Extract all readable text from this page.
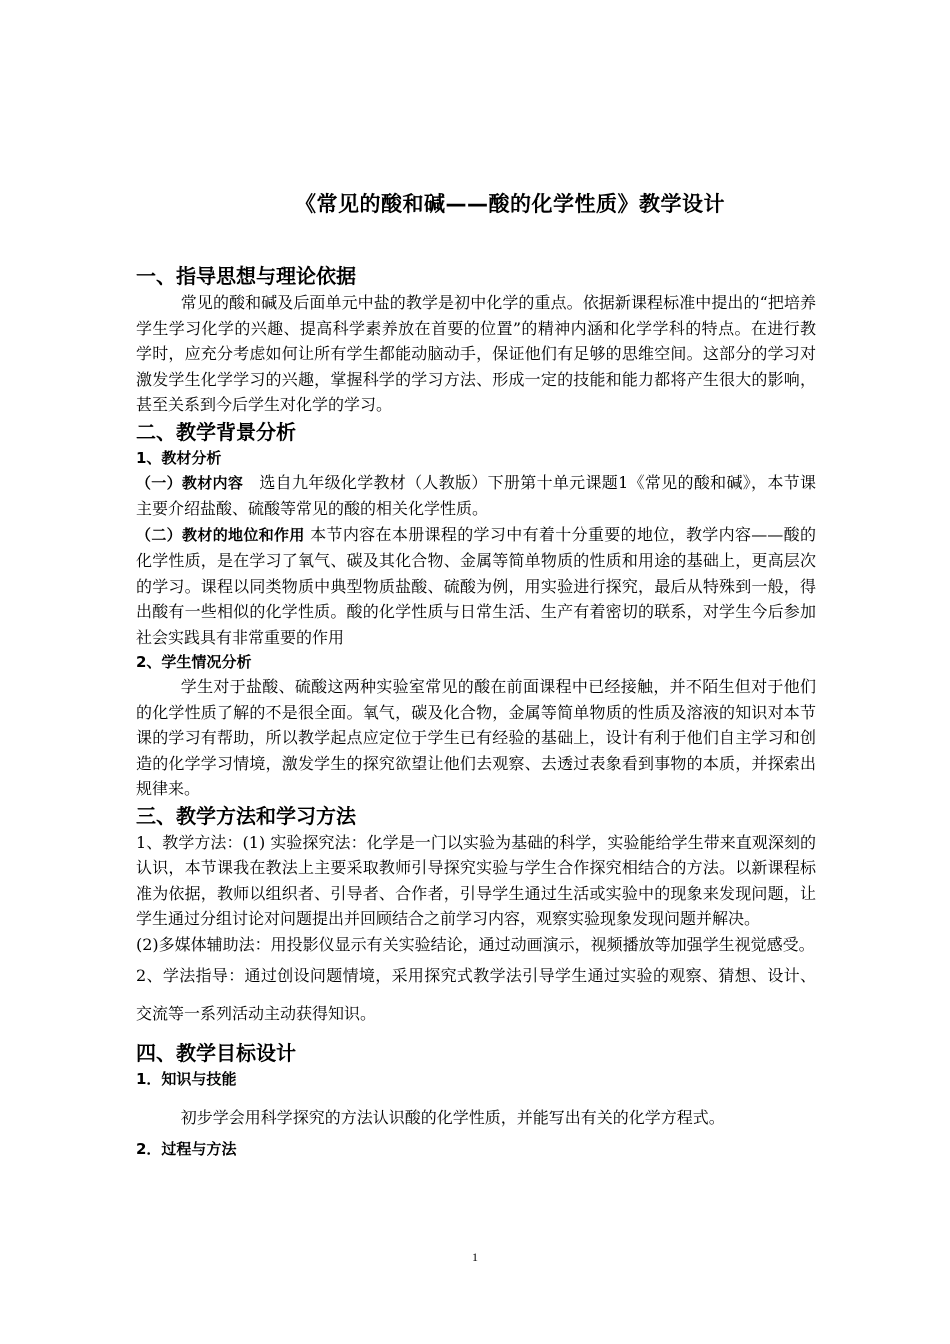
《常见的酸和碱——酸的化学性质》教学设计
一、指导思想与理论依据

常见的酸和碱及后面单元中盐的教学是初中化学的重点。依据新课程标准中提出的“把培养学生学习化学的兴趣、提高科学素养放在首要的位置”的精神内涵和化学学科的特点。在进行教学时，应充分考虑如何让所有学生都能动脑动手，保证他们有足够的思维空间。这部分的学习对激发学生化学学习的兴趣，掌握科学的学习方法、形成一定的技能和能力都将产生很大的影响，甚至关系到今后学生对化学的学习。

二、教学背景分析
1、教材分析

（一）教材内容 选自九年级化学教材（人教版）下册第十单元课题1《常见的酸和碱》，本节课主要介绍盐酸、硫酸等常见的酸的相关化学性质。

（二）教材的地位和作用 本节内容在本册课程的学习中有着十分重要的地位，教学内容——酸的化学性质，是在学习了氧气、碳及其化合物、金属等简单物质的性质和用途的基础上，更高层次的学习。课程以同类物质中典型物质盐酸、硫酸为例，用实验进行探究，最后从特殊到一般，得出酸有一些相似的化学性质。酸的化学性质与日常生活、生产有着密切的联系，对学生今后参加社会实践具有非常重要的作用

2、学生情况分析

学生对于盐酸、硫酸这两种实验室常见的酸在前面课程中已经接触，并不陌生但对于他们的化学性质了解的不是很全面。氧气，碳及化合物，金属等简单物质的性质及溶液的知识对本节课的学习有帮助，所以教学起点应定位于学生已有经验的基础上，设计有利于他们自主学习和创造的化学学习情境，激发学生的探究欲望让他们去观察、去透过表象看到事物的本质，并探索出规律来。

三、教学方法和学习方法

1、教学方法：(1) 实验探究法：化学是一门以实验为基础的科学，实验能给学生带来直观深刻的认识，本节课我在教法上主要采取教师引导探究实验与学生合作探究相结合的方法。以新课程标准为依据，教师以组织者、引导者、合作者，引导学生通过生活或实验中的现象来发现问题，让学生通过分组讨论对问题提出并回顾结合之前学习内容，观察实验现象发现问题并解决。

(2)多媒体辅助法：用投影仪显示有关实验结论，通过动画演示，视频播放等加强学生视觉感受。

2、学法指导：通过创设问题情境，采用探究式教学法引导学生通过实验的观察、猜想、设计、交流等一系列活动主动获得知识。

四、教学目标设计
1．知识与技能

初步学会用科学探究的方法认识酸的化学性质，并能写出有关的化学方程式。

2．过程与方法
1
